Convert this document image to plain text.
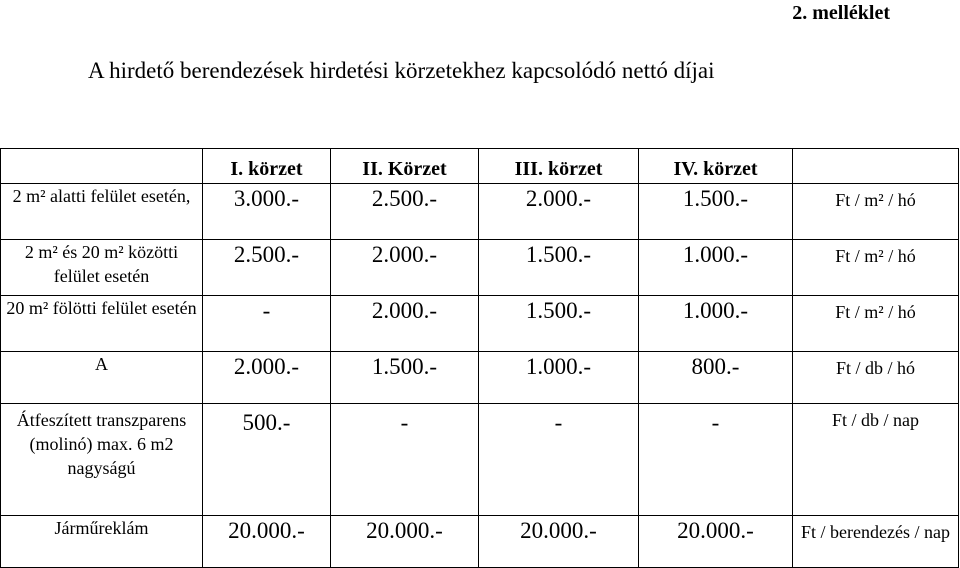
2. melléklet
A hirdető berendezések hirdetési körzetekhez kapcsolódó nettó díjai
	I. körzet	II. Körzet	III. körzet	IV. körzet	
2 m² alatti felület esetén,	3.000.-	2.500.-	2.000.-	1.500.-	Ft / m² / hó
2 m² és 20 m² közötti felület esetén	2.500.-	2.000.-	1.500.-	1.000.-	Ft / m² / hó
20 m² fölötti felület esetén	-	2.000.-	1.500.-	1.000.-	Ft / m² / hó
A	2.000.-	1.500.-	1.000.-	800.-	Ft / db / hó
Átfeszített transzparens (molinó) max. 6 m2 nagyságú	500.-	-	-	-	Ft / db / nap
Járműreklám	20.000.-	20.000.-	20.000.-	20.000.-	Ft / berendezés / nap
